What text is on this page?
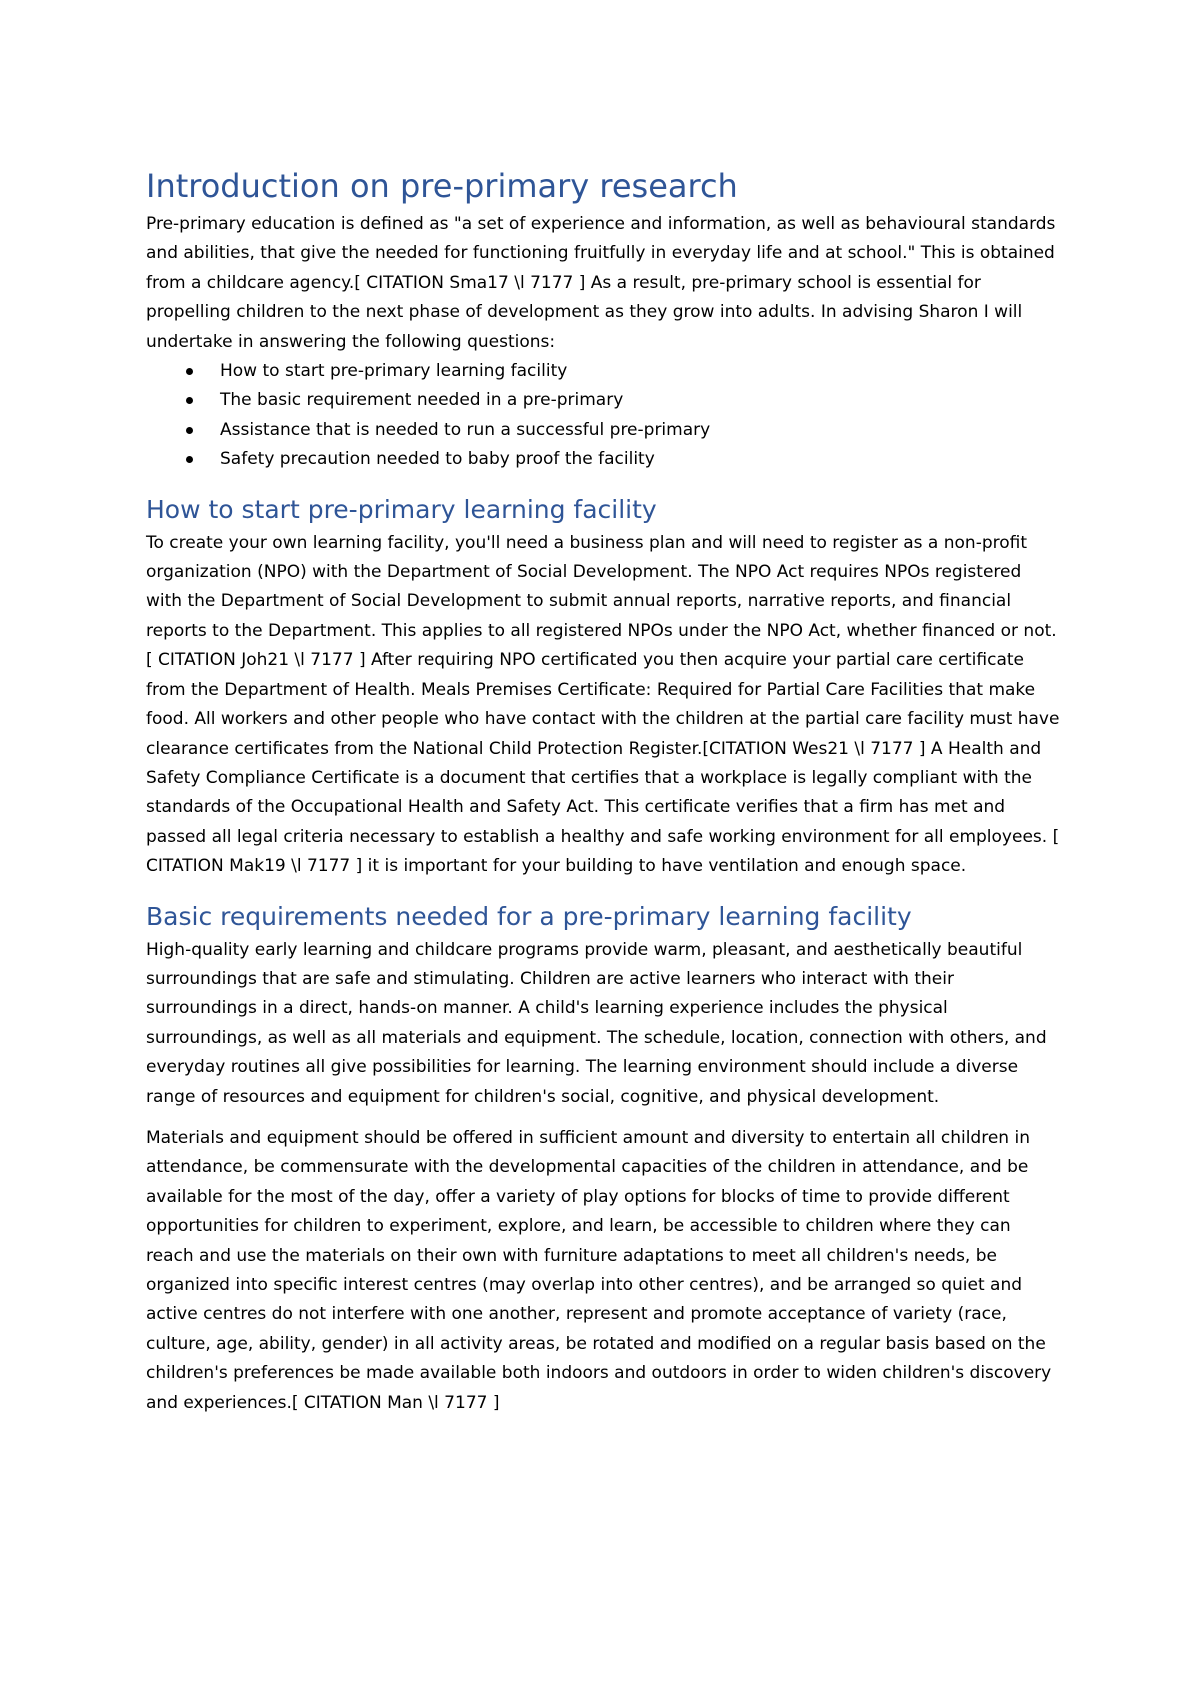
Introduction on pre-primary research

Pre-primary education is defined as "a set of experience and information, as well as behavioural standards and abilities, that give the needed for functioning fruitfully in everyday life and at school." This is obtained from a childcare agency.[ CITATION Sma17 \l 7177 ] As a result, pre-primary school is essential for propelling children to the next phase of development as they grow into adults. In advising Sharon I will undertake in answering the following questions:

How to start pre-primary learning facility
The basic requirement needed in a pre-primary
Assistance that is needed to run a successful pre-primary
Safety precaution needed to baby proof the facility
How to start pre-primary learning facility

To create your own learning facility, you'll need a business plan and will need to register as a non-profit organization (NPO) with the Department of Social Development. The NPO Act requires NPOs registered with the Department of Social Development to submit annual reports, narrative reports, and financial reports to the Department. This applies to all registered NPOs under the NPO Act, whether financed or not.[ CITATION Joh21 \l 7177 ] After requiring NPO certificated you then acquire your partial care certificate from the Department of Health. Meals Premises Certificate: Required for Partial Care Facilities that make food. All workers and other people who have contact with the children at the partial care facility must have clearance certificates from the National Child Protection Register.[CITATION Wes21 \l 7177 ] A Health and Safety Compliance Certificate is a document that certifies that a workplace is legally compliant with the standards of the Occupational Health and Safety Act. This certificate verifies that a firm has met and passed all legal criteria necessary to establish a healthy and safe working environment for all employees. [ CITATION Mak19 \l 7177 ] it is important for your building to have ventilation and enough space.

Basic requirements needed for a pre-primary learning facility

High-quality early learning and childcare programs provide warm, pleasant, and aesthetically beautiful surroundings that are safe and stimulating. Children are active learners who interact with their surroundings in a direct, hands-on manner. A child's learning experience includes the physical surroundings, as well as all materials and equipment. The schedule, location, connection with others, and everyday routines all give possibilities for learning. The learning environment should include a diverse range of resources and equipment for children's social, cognitive, and physical development.

Materials and equipment should be offered in sufficient amount and diversity to entertain all children in attendance, be commensurate with the developmental capacities of the children in attendance, and be available for the most of the day, offer a variety of play options for blocks of time to provide different opportunities for children to experiment, explore, and learn, be accessible to children where they can reach and use the materials on their own with furniture adaptations to meet all children's needs, be organized into specific interest centres (may overlap into other centres), and be arranged so quiet and active centres do not interfere with one another, represent and promote acceptance of variety (race, culture, age, ability, gender) in all activity areas, be rotated and modified on a regular basis based on the children's preferences be made available both indoors and outdoors in order to widen children's discovery and experiences.[ CITATION Man \l 7177 ]
